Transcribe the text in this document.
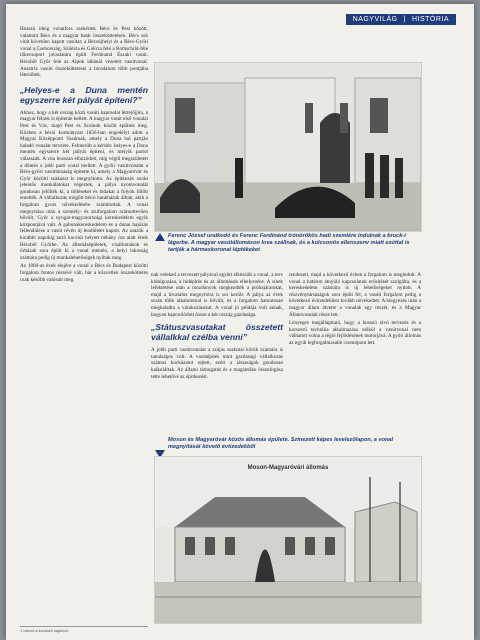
NAGYVILÁG | HISTÓRIA

Hosszú ideig vonatfors szekértek Bécs és Pest között, valamint Bécs és a magyar határ összeköttetésén. Bécs sok vitát követően kapott vasútat; a Bécsújhelyi és a Bécs-Győri vonal a Csehország, Szilézia és Galícia felé a Rothschild-féle tőkecsoport javaslatára épült Ferdinand Északi vasút. Bécsből Győr felé az Alpok lábánál vezetett vasútvonal. Ausztria vasúti összeköttetései a birodalom több pontjába létesültek.

„Helyes-e a Duna mentén egyszerre két pályát építeni?”

Ahhoz, hogy a két ország közti vasúti kapcsolat létrejöjjön, a magyar félnek is építenie kellett. A magyar vasút első vonalai Pest és Vác, majd Pest és Szolnok között épültek meg. Közben a bécsi kormányzat 1856-ban engedélyt adott a Magyar Középponti Vasútnak, amely a Duna bal partján haladó vonalat tervezte. Felmerült a kérdés: helyes-e a Duna mentén egyszerre két pályát építeni, és melyik partot válasszák. A vita hosszan elhúzódott, míg végül megszületett a döntés a jobb parti vonal mellett. A győri vasútvonalat a Bécs-győri vasúttársaság építette ki, amely a Magyaróvár és Győr közötti szakaszt is megnyitotta. Az építkezés során jelentős munkálatokat végeztek, a pálya nyomvonalát gondosan jelölték ki, a töltéseket és hidakat a folyók fölött emelték. A vállalkozás mögött bécsi bankházak álltak, akik a forgalom gyors növekedésére számítottak. A vonal megnyitása után a személy- és áruforgalom számottevően bővült, Győr a nyugat-magyarországi kereskedelem egyik központjává vált. A gabonakereskedelem és a dunai hajózás fellendülése a vasút révén új lendületet kapott. Az utazók a korábbi napokig tartó kocsiút helyett néhány óra alatt értek Bécsből Győrbe. Az állomásépületek, vízállomások és őrházak sora épült ki a vonal mentén, a helyi lakosság számára pedig új munkalehetőségek nyíltak meg.

Az 1860-as évek elejére a vonal a Bécs és Budapest közötti forgalom fontos részévé vált, bár a közvetlen összeköttetés csak később valósult meg.

Ferenc József uralkodó és Ferenc Ferdinánd trónörökös hadi szemlére indulnak a bruck-i lágerbe. A magyar vasútállomáson lova szállnak, és a kolcsonös ellenszenv miatt ezúttal is tartják a hármaskoronai léptékeket

nak veleked a tervezett pályával együtt elkészült a vonal, a terv kidolgozása, a hídépítés és az állomások elhelyezése. A sínek lefektetése után a mozdonyok megkezdték a próbajáratokat, majd a hivatalos megnyitóra is sor került. A pálya az évek során több alkalommal is bővült, és a forgalom hamarosan meghaladta a várakozásokat. A vonal jó példája volt annak, hogyan kapcsolódott össze a két ország gazdasága.

„Státuszvasutakat összetett vállalkkal czélba venni”

A jobb parti vasútvonalat a szájas szakmai körök számára is tanulságos volt. A vasútépítés mint gazdasági vállalkozás számos kockázatot rejtett, ezért a társaságok gondosan kalkuláltak. Az állami támogatás és a magántőke összefogása tette lehetővé az építkezést.

rendezett, majd a következő évben a forgalom is megindult. A vonal a határon átnyúló kapcsolatok erősítését szolgálta, és a kereskedelem számára is új lehetőségeket nyitott. A részvénytársaságok sora épült fel, a vasúti forgalom pedig a következő évtizedekben tovább növekedett. A kiegyezés után a magyar állam átvette a vonalak egy részét, és a Magyar Államvasutak része lett.

Lényeges megállapítani, hogy a hosszú távú tervezés és a korszerű technika alkalmazása nélkül a vasútvonal nem válhatott volna a régió fejlődésének motorjává. A győri állomás az egyik legforgalmasabb csomópont lett.

Moson és Magyaróvár közös állomás épülete. Színezett képes levelezőlapon, a vonal megnyitását követő évtizedekből
Moson-Magyaróvári állomás
1 Idézet a korabeli sajtóból.
